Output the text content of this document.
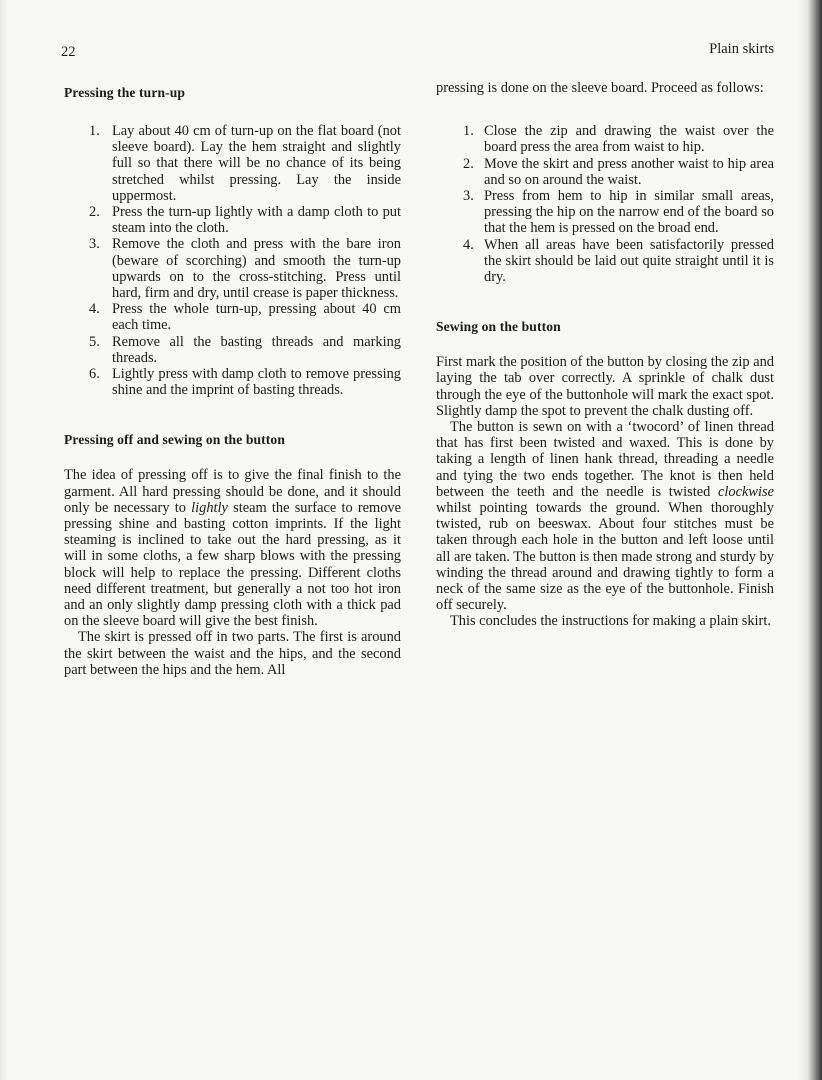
22	Plain skirts
Pressing the turn-up
1. Lay about 40 cm of turn-up on the flat board (not sleeve board). Lay the hem straight and slightly full so that there will be no chance of its being stretched whilst pressing. Lay the inside uppermost.
2. Press the turn-up lightly with a damp cloth to put steam into the cloth.
3. Remove the cloth and press with the bare iron (beware of scorching) and smooth the turn-up upwards on to the cross-stitching. Press until hard, firm and dry, until crease is paper thickness.
4. Press the whole turn-up, pressing about 40 cm each time.
5. Remove all the basting threads and marking threads.
6. Lightly press with damp cloth to remove pressing shine and the imprint of basting threads.
Pressing off and sewing on the button

The idea of pressing off is to give the final finish to the garment. All hard pressing should be done, and it should only be necessary to lightly steam the surface to remove pressing shine and basting cotton imprints. If the light steaming is inclined to take out the hard pressing, as it will in some cloths, a few sharp blows with the pressing block will help to replace the pressing. Different cloths need different treatment, but generally a not too hot iron and an only slightly damp pressing cloth with a thick pad on the sleeve board will give the best finish.

The skirt is pressed off in two parts. The first is around the skirt between the waist and the hips, and the second part between the hips and the hem. All

pressing is done on the sleeve board. Proceed as follows:

1. Close the zip and drawing the waist over the board press the area from waist to hip.
2. Move the skirt and press another waist to hip area and so on around the waist.
3. Press from hem to hip in similar small areas, pressing the hip on the narrow end of the board so that the hem is pressed on the broad end.
4. When all areas have been satisfactorily pressed the skirt should be laid out quite straight until it is dry.
Sewing on the button

First mark the position of the button by closing the zip and laying the tab over correctly. A sprinkle of chalk dust through the eye of the buttonhole will mark the exact spot. Slightly damp the spot to prevent the chalk dusting off.

The button is sewn on with a ‘twocord’ of linen thread that has first been twisted and waxed. This is done by taking a length of linen hank thread, threading a needle and tying the two ends together. The knot is then held between the teeth and the needle is twisted clockwise whilst pointing towards the ground. When thoroughly twisted, rub on beeswax. About four stitches must be taken through each hole in the button and left loose until all are taken. The button is then made strong and sturdy by winding the thread around and drawing tightly to form a neck of the same size as the eye of the buttonhole. Finish off securely.

This concludes the instructions for making a plain skirt.
